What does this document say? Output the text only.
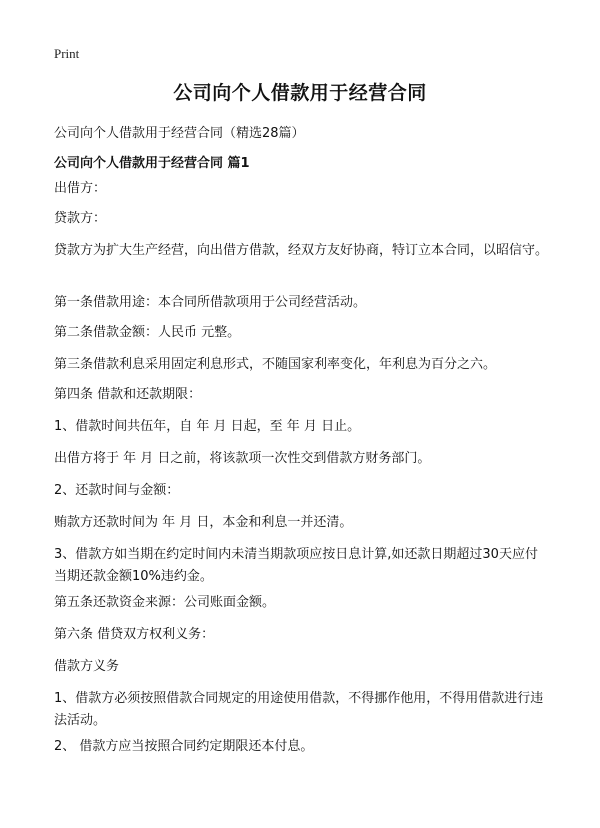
Print
公司向个人借款用于经营合同
公司向个人借款用于经营合同（精选28篇）
公司向个人借款用于经营合同 篇1
出借方：
贷款方：
贷款方为扩大生产经营，向出借方借款，经双方友好协商，特订立本合同，以昭信守。
第一条借款用途：本合同所借款项用于公司经营活动。
第二条借款金额：人民币 元整。
第三条借款利息采用固定利息形式，不随国家利率变化，年利息为百分之六。
第四条 借款和还款期限：
1、借款时间共伍年，自 年 月 日起，至 年 月 日止。
出借方将于 年 月 日之前，将该款项一次性交到借款方财务部门。
2、还款时间与金额：
贿款方还款时间为 年 月 日，本金和利息一并还清。
3、借款方如当期在约定时间内未清当期款项应按日息计算,如还款日期超过30天应付当期还款金额10%违约金。
第五条还款资金来源：公司账面金额。
第六条 借贷双方权利义务：
借款方义务
1、借款方必须按照借款合同规定的用途使用借款，不得挪作他用，不得用借款进行违法活动。
2、 借款方应当按照合同约定期限还本付息。
